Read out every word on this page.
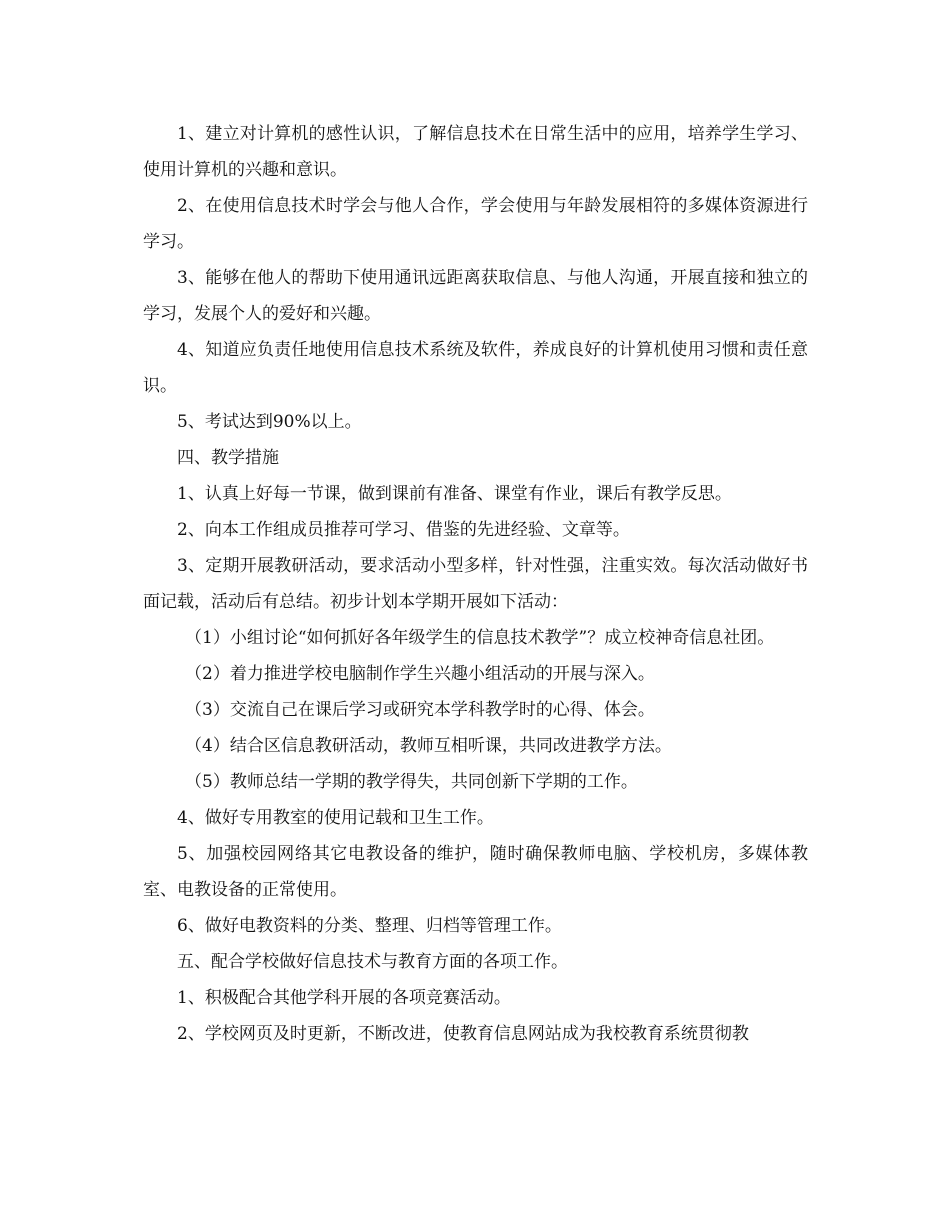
1、建立对计算机的感性认识，了解信息技术在日常生活中的应用，培养学生学习、使用计算机的兴趣和意识。

2、在使用信息技术时学会与他人合作，学会使用与年龄发展相符的多媒体资源进行学习。

3、能够在他人的帮助下使用通讯远距离获取信息、与他人沟通，开展直接和独立的学习，发展个人的爱好和兴趣。

4、知道应负责任地使用信息技术系统及软件，养成良好的计算机使用习惯和责任意识。

5、考试达到90%以上。

四、教学措施

1、认真上好每一节课，做到课前有准备、课堂有作业，课后有教学反思。

2、向本工作组成员推荐可学习、借鉴的先进经验、文章等。

3、定期开展教研活动，要求活动小型多样，针对性强，注重实效。每次活动做好书面记载，活动后有总结。初步计划本学期开展如下活动：

（1）小组讨论“如何抓好各年级学生的信息技术教学”？成立校神奇信息社团。

（2）着力推进学校电脑制作学生兴趣小组活动的开展与深入。

（3）交流自己在课后学习或研究本学科教学时的心得、体会。

（4）结合区信息教研活动，教师互相听课，共同改进教学方法。

（5）教师总结一学期的教学得失，共同创新下学期的工作。

4、做好专用教室的使用记载和卫生工作。

5、加强校园网络其它电教设备的维护，随时确保教师电脑、学校机房，多媒体教室、电教设备的正常使用。

6、做好电教资料的分类、整理、归档等管理工作。

五、配合学校做好信息技术与教育方面的各项工作。

1、积极配合其他学科开展的各项竞赛活动。

2、学校网页及时更新，不断改进，使教育信息网站成为我校教育系统贯彻教
